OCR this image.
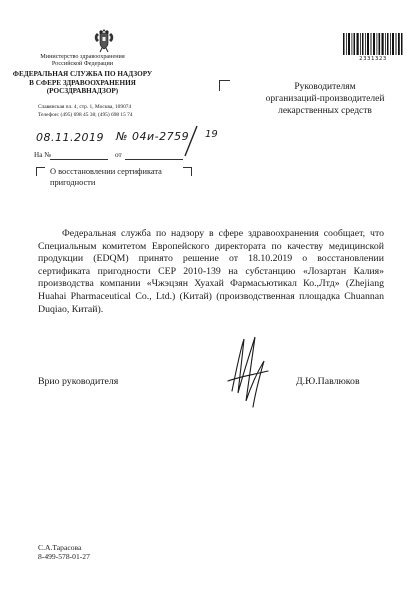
Министерство здравоохранения
Российской Федерации
ФЕДЕРАЛЬНАЯ СЛУЖБА ПО НАДЗОРУ
В СФЕРЕ ЗДРАВООХРАНЕНИЯ
(РОСЗДРАВНАДЗОР)
Славянская пл. 4, стр. 1, Москва, 109074
Телефон: (495) 698 45 38; (495) 698 15 74
2331323
Руководителям
организаций-производителей
лекарственных средств
08.11.2019 № 04и-2759 19
На №	от
О восстановлении сертификата
пригодности
Федеральная служба по надзору в сфере здравоохранения сообщает, что Специальным комитетом Европейского директората по качеству медицинской продукции (EDQM) принято решение от 18.10.2019 о восстановлении сертификата пригодности CEP 2010-139 на субстанцию «Лозартан Калия» производства компании «Чжэцзян Хуахай Фармасьютикал Ко.,Лтд» (Zhejiang Huahai Pharmaceutical Co., Ltd.) (Китай) (производственная площадка Chuannan Duqiao, Китай).
Врио руководителя	Д.Ю.Павлюков
С.А.Тарасова
8-499-578-01-27
